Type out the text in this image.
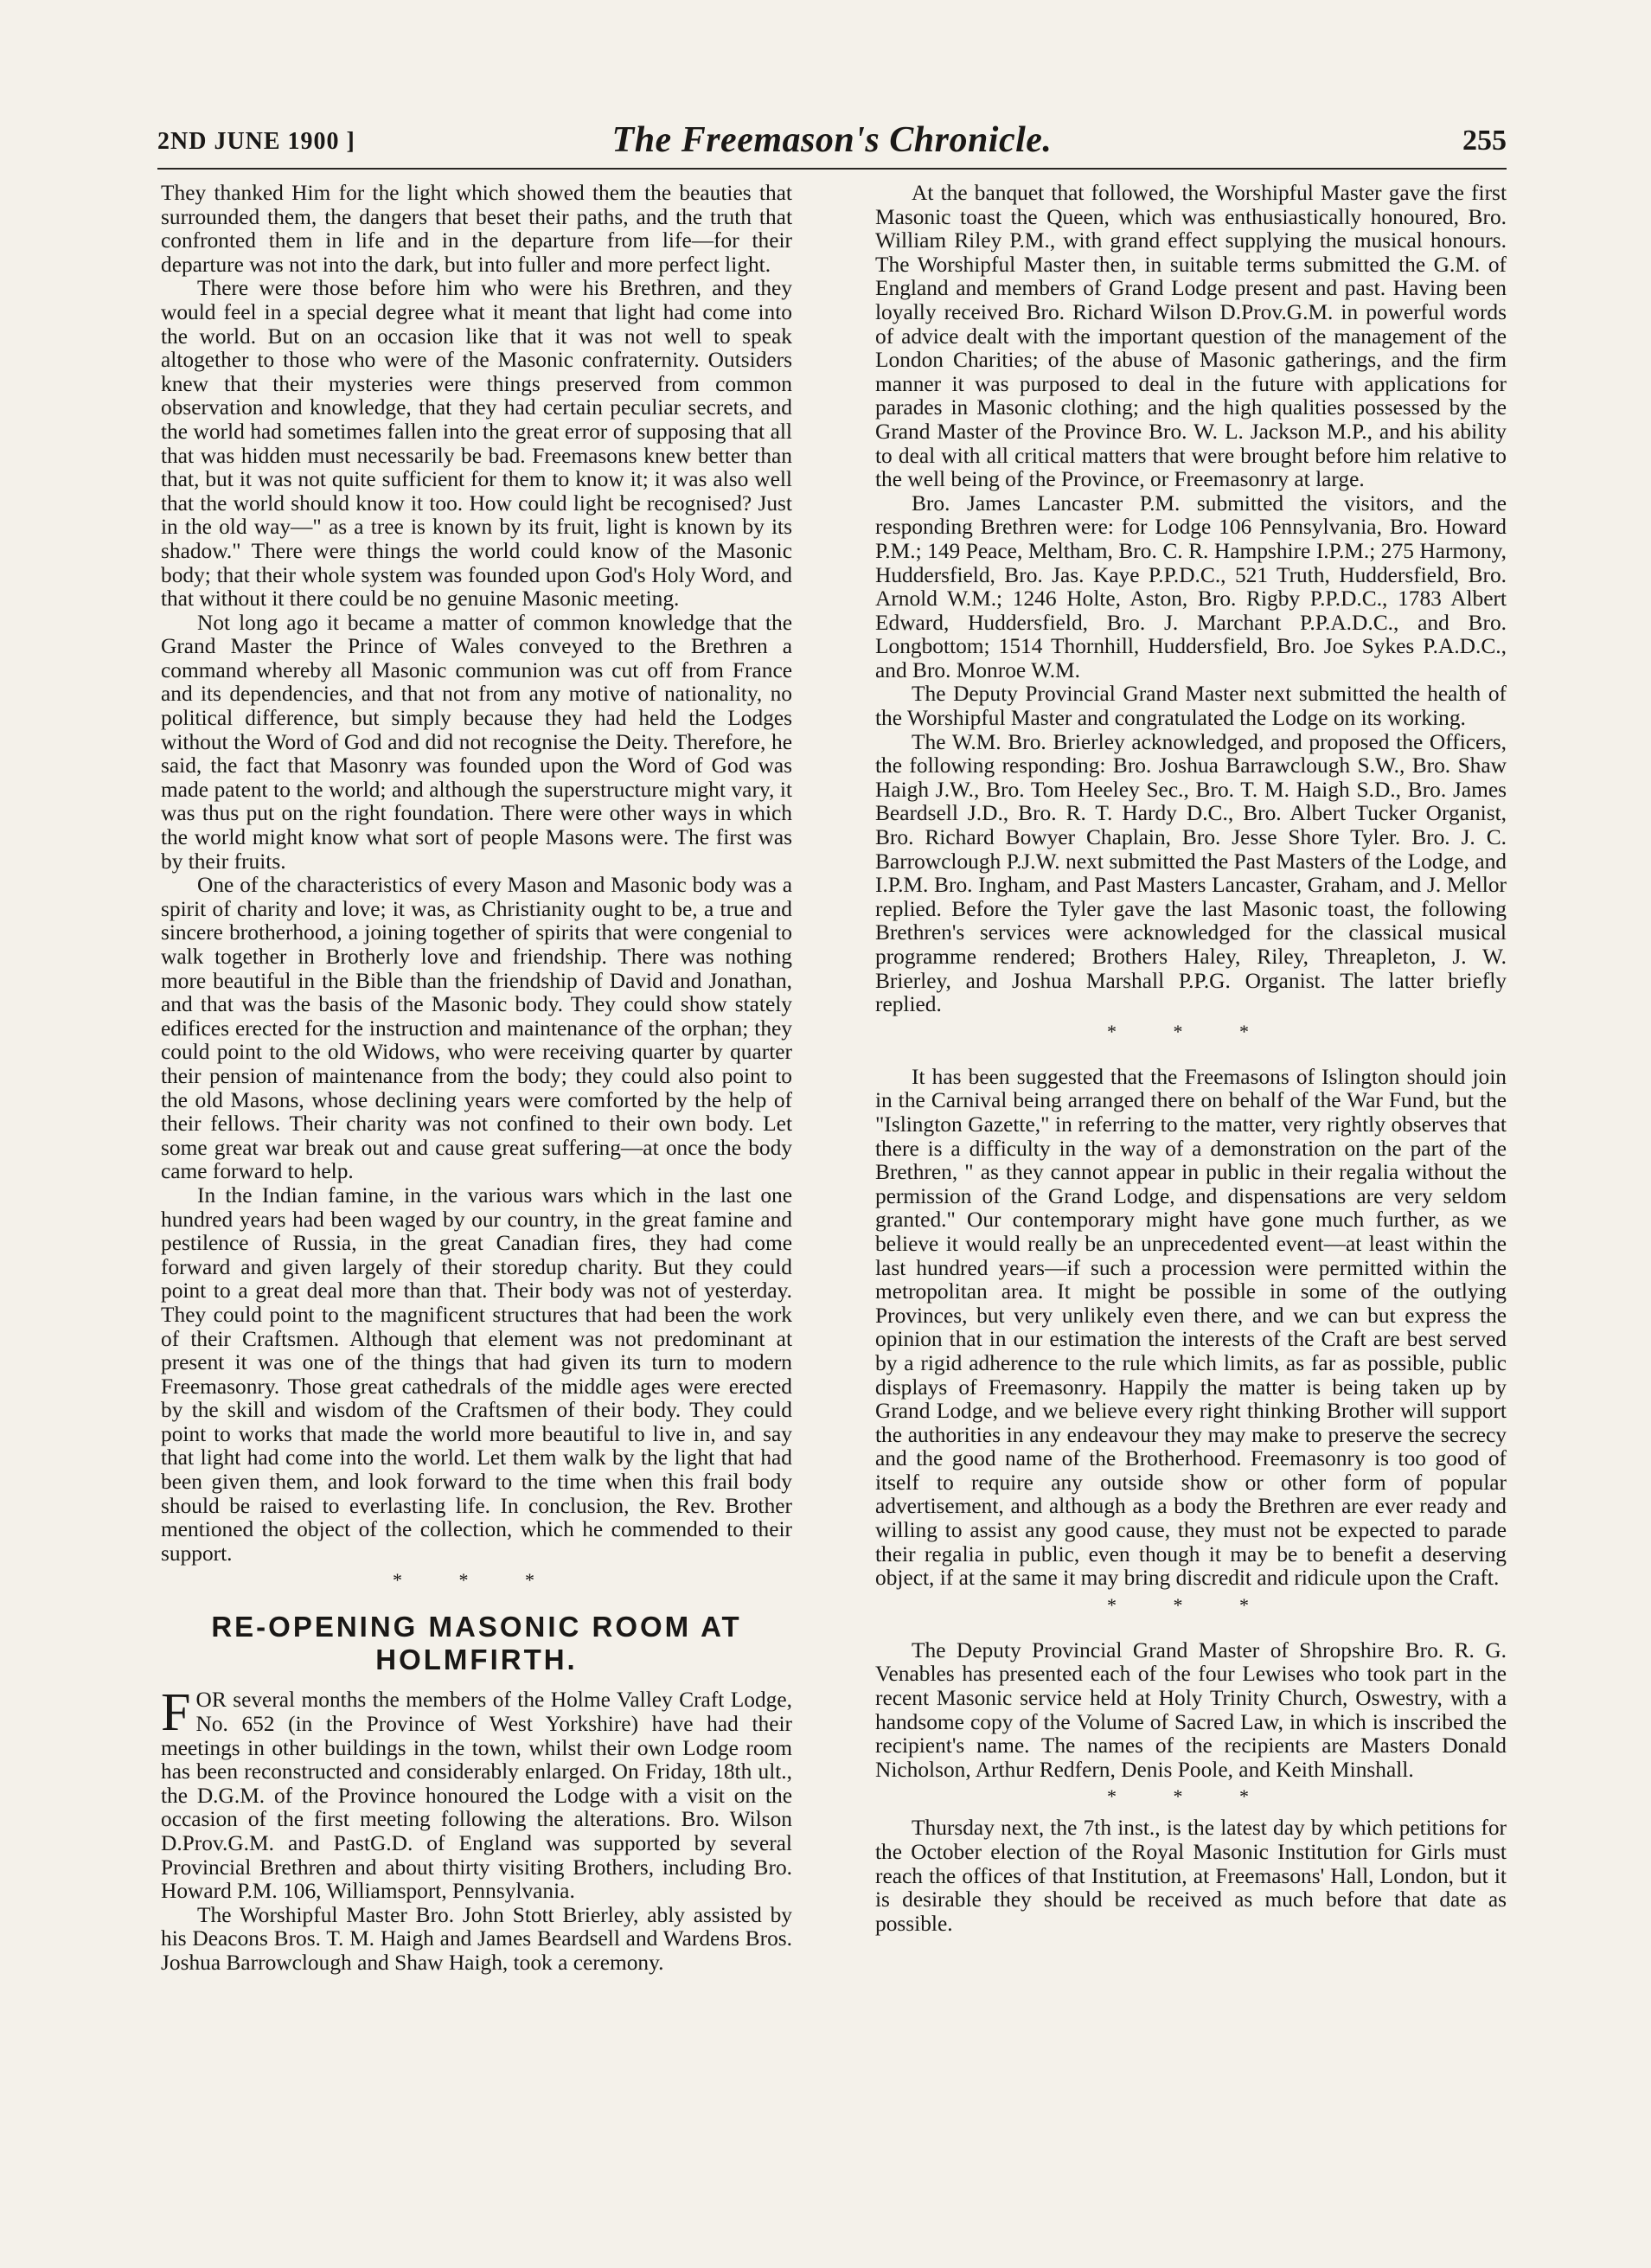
2ND JUNE 1900 ]	The Freemason's Chronicle.	255

They thanked Him for the light which showed them the beauties that surrounded them, the dangers that beset their paths, and the truth that confronted them in life and in the departure from life—for their departure was not into the dark, but into fuller and more perfect light.

There were those before him who were his Brethren, and they would feel in a special degree what it meant that light had come into the world. But on an occasion like that it was not well to speak altogether to those who were of the Masonic confraternity. Outsiders knew that their mysteries were things preserved from common observation and knowledge, that they had certain peculiar secrets, and the world had sometimes fallen into the great error of supposing that all that was hidden must necessarily be bad. Freemasons knew better than that, but it was not quite sufficient for them to know it; it was also well that the world should know it too. How could light be recognised? Just in the old way—" as a tree is known by its fruit, light is known by its shadow." There were things the world could know of the Masonic body; that their whole system was founded upon God's Holy Word, and that without it there could be no genuine Masonic meeting.

Not long ago it became a matter of common knowledge that the Grand Master the Prince of Wales conveyed to the Brethren a command whereby all Masonic communion was cut off from France and its dependencies, and that not from any motive of nationality, no political difference, but simply because they had held the Lodges without the Word of God and did not recognise the Deity. Therefore, he said, the fact that Masonry was founded upon the Word of God was made patent to the world; and although the superstructure might vary, it was thus put on the right foundation. There were other ways in which the world might know what sort of people Masons were. The first was by their fruits.

One of the characteristics of every Mason and Masonic body was a spirit of charity and love; it was, as Christianity ought to be, a true and sincere brotherhood, a joining together of spirits that were congenial to walk together in Brotherly love and friendship. There was nothing more beautiful in the Bible than the friendship of David and Jonathan, and that was the basis of the Masonic body. They could show stately edifices erected for the instruction and maintenance of the orphan; they could point to the old Widows, who were receiving quarter by quarter their pension of maintenance from the body; they could also point to the old Masons, whose declining years were comforted by the help of their fellows. Their charity was not confined to their own body. Let some great war break out and cause great suffering—at once the body came forward to help.

In the Indian famine, in the various wars which in the last one hundred years had been waged by our country, in the great famine and pestilence of Russia, in the great Canadian fires, they had come forward and given largely of their storedup charity. But they could point to a great deal more than that. Their body was not of yesterday. They could point to the magnificent structures that had been the work of their Craftsmen. Although that element was not predominant at present it was one of the things that had given its turn to modern Freemasonry. Those great cathedrals of the middle ages were erected by the skill and wisdom of the Craftsmen of their body. They could point to works that made the world more beautiful to live in, and say that light had come into the world. Let them walk by the light that had been given them, and look forward to the time when this frail body should be raised to everlasting life. In conclusion, the Rev. Brother mentioned the object of the collection, which he commended to their support.

* * *
RE-OPENING MASONIC ROOM AT HOLMFIRTH.

FOR several months the members of the Holme Valley Craft Lodge, No. 652 (in the Province of West Yorkshire) have had their meetings in other buildings in the town, whilst their own Lodge room has been reconstructed and considerably enlarged. On Friday, 18th ult., the D.G.M. of the Province honoured the Lodge with a visit on the occasion of the first meeting following the alterations. Bro. Wilson D.Prov.G.M. and PastG.D. of England was supported by several Provincial Brethren and about thirty visiting Brothers, including Bro. Howard P.M. 106, Williamsport, Pennsylvania.

The Worshipful Master Bro. John Stott Brierley, ably assisted by his Deacons Bros. T. M. Haigh and James Beardsell and Wardens Bros. Joshua Barrowclough and Shaw Haigh, took a ceremony.

At the banquet that followed, the Worshipful Master gave the first Masonic toast the Queen, which was enthusiastically honoured, Bro. William Riley P.M., with grand effect supplying the musical honours. The Worshipful Master then, in suitable terms submitted the G.M. of England and members of Grand Lodge present and past. Having been loyally received Bro. Richard Wilson D.Prov.G.M. in powerful words of advice dealt with the important question of the management of the London Charities; of the abuse of Masonic gatherings, and the firm manner it was purposed to deal in the future with applications for parades in Masonic clothing; and the high qualities possessed by the Grand Master of the Province Bro. W. L. Jackson M.P., and his ability to deal with all critical matters that were brought before him relative to the well being of the Province, or Freemasonry at large.

Bro. James Lancaster P.M. submitted the visitors, and the responding Brethren were: for Lodge 106 Pennsylvania, Bro. Howard P.M.; 149 Peace, Meltham, Bro. C. R. Hampshire I.P.M.; 275 Harmony, Huddersfield, Bro. Jas. Kaye P.P.D.C., 521 Truth, Huddersfield, Bro. Arnold W.M.; 1246 Holte, Aston, Bro. Rigby P.P.D.C., 1783 Albert Edward, Huddersfield, Bro. J. Marchant P.P.A.D.C., and Bro. Longbottom; 1514 Thornhill, Huddersfield, Bro. Joe Sykes P.A.D.C., and Bro. Monroe W.M.

The Deputy Provincial Grand Master next submitted the health of the Worshipful Master and congratulated the Lodge on its working.

The W.M. Bro. Brierley acknowledged, and proposed the Officers, the following responding: Bro. Joshua Barrawclough S.W., Bro. Shaw Haigh J.W., Bro. Tom Heeley Sec., Bro. T. M. Haigh S.D., Bro. James Beardsell J.D., Bro. R. T. Hardy D.C., Bro. Albert Tucker Organist, Bro. Richard Bowyer Chaplain, Bro. Jesse Shore Tyler. Bro. J. C. Barrowclough P.J.W. next submitted the Past Masters of the Lodge, and I.P.M. Bro. Ingham, and Past Masters Lancaster, Graham, and J. Mellor replied. Before the Tyler gave the last Masonic toast, the following Brethren's services were acknowledged for the classical musical programme rendered; Brothers Haley, Riley, Threapleton, J. W. Brierley, and Joshua Marshall P.P.G. Organist. The latter briefly replied.

* * *

It has been suggested that the Freemasons of Islington should join in the Carnival being arranged there on behalf of the War Fund, but the "Islington Gazette," in referring to the matter, very rightly observes that there is a difficulty in the way of a demonstration on the part of the Brethren, " as they cannot appear in public in their regalia without the permission of the Grand Lodge, and dispensations are very seldom granted." Our contemporary might have gone much further, as we believe it would really be an unprecedented event—at least within the last hundred years—if such a procession were permitted within the metropolitan area. It might be possible in some of the outlying Provinces, but very unlikely even there, and we can but express the opinion that in our estimation the interests of the Craft are best served by a rigid adherence to the rule which limits, as far as possible, public displays of Freemasonry. Happily the matter is being taken up by Grand Lodge, and we believe every right thinking Brother will support the authorities in any endeavour they may make to preserve the secrecy and the good name of the Brotherhood. Freemasonry is too good of itself to require any outside show or other form of popular advertisement, and although as a body the Brethren are ever ready and willing to assist any good cause, they must not be expected to parade their regalia in public, even though it may be to benefit a deserving object, if at the same it may bring discredit and ridicule upon the Craft.

* * *

The Deputy Provincial Grand Master of Shropshire Bro. R. G. Venables has presented each of the four Lewises who took part in the recent Masonic service held at Holy Trinity Church, Oswestry, with a handsome copy of the Volume of Sacred Law, in which is inscribed the recipient's name. The names of the recipients are Masters Donald Nicholson, Arthur Redfern, Denis Poole, and Keith Minshall.

* * *

Thursday next, the 7th inst., is the latest day by which petitions for the October election of the Royal Masonic Institution for Girls must reach the offices of that Institution, at Freemasons' Hall, London, but it is desirable they should be received as much before that date as possible.
